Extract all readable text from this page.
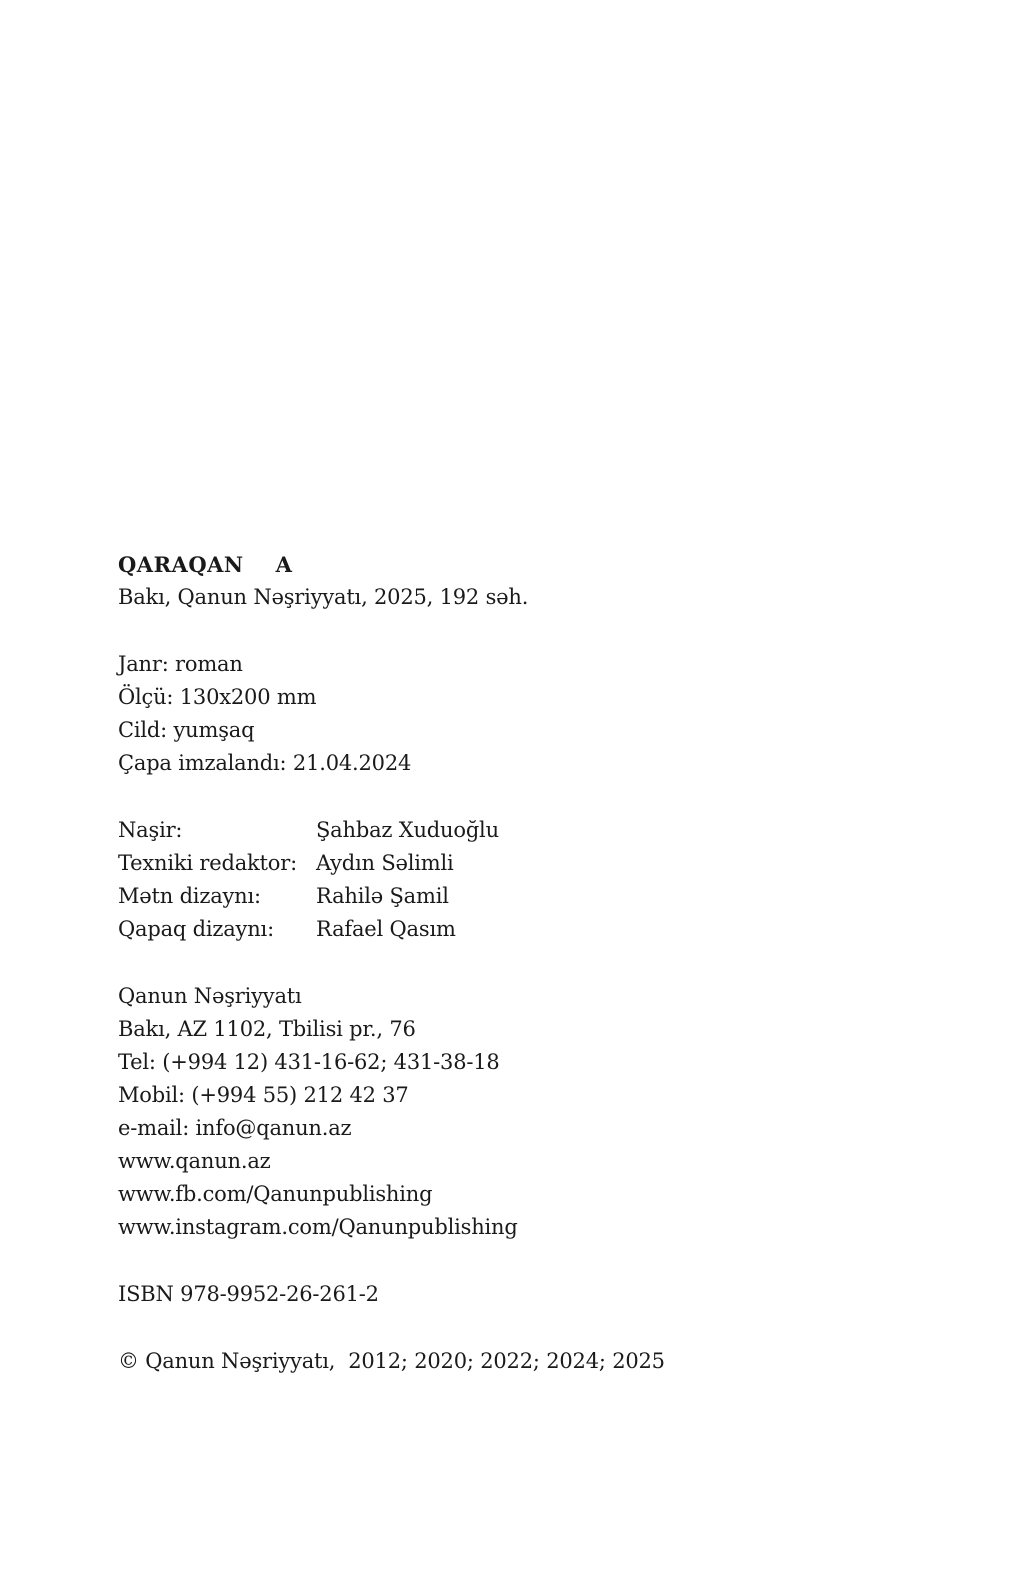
QARAQAN A
Bakı, Qanun Nəşriyyatı, 2025, 192 səh.
Janr: roman
Ölçü: 130x200 mm
Cild: yumşaq
Çapa imzalandı: 21.04.2024
Naşir:	Şahbaz Xuduoğlu
Texniki redaktor: Aydın Səlimli
Mətn dizaynı:	Rahilə Şamil
Qapaq dizaynı:	Rafael Qasım
Qanun Nəşriyyatı
Bakı, AZ 1102, Tbilisi pr., 76
Tel: (+994 12) 431-16-62; 431-38-18
Mobil: (+994 55) 212 42 37
e-mail: info@qanun.az
www.qanun.az
www.fb.com/Qanunpublishing
www.instagram.com/Qanunpublishing
ISBN 978-9952-26-261-2
© Qanun Nəşriyyatı,  2012; 2020; 2022; 2024; 2025
